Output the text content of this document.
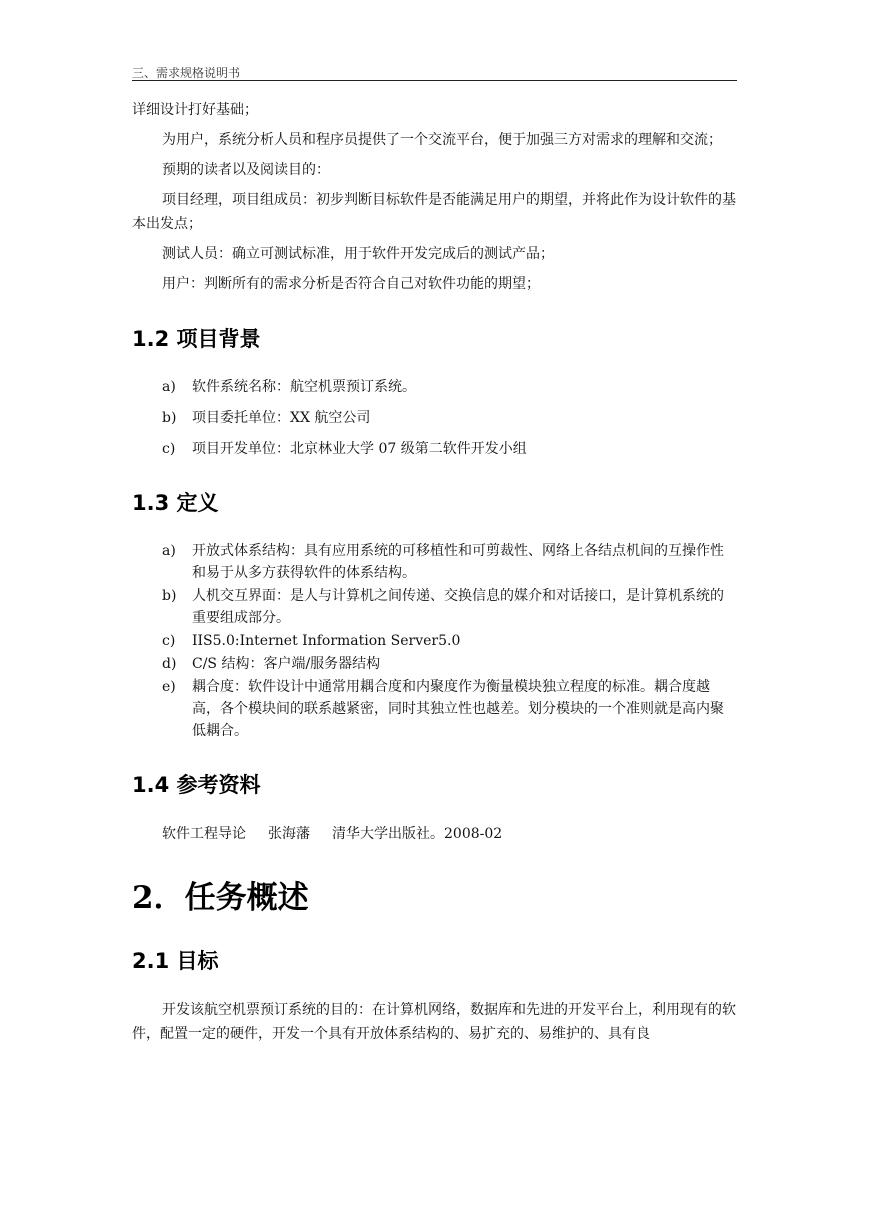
三、需求规格说明书

详细设计打好基础；

为用户，系统分析人员和程序员提供了一个交流平台，便于加强三方对需求的理解和交流；

预期的读者以及阅读目的：

项目经理，项目组成员：初步判断目标软件是否能满足用户的期望，并将此作为设计软件的基本出发点；

测试人员：确立可测试标准，用于软件开发完成后的测试产品；

用户：判断所有的需求分析是否符合自己对软件功能的期望；

1.2 项目背景
a)	软件系统名称：航空机票预订系统。
b)	项目委托单位：XX 航空公司
c)	项目开发单位：北京林业大学 07 级第二软件开发小组
1.3 定义
a)	开放式体系结构：具有应用系统的可移植性和可剪裁性、网络上各结点机间的互操作性和易于从多方获得软件的体系结构。
b)	人机交互界面：是人与计算机之间传递、交换信息的媒介和对话接口，是计算机系统的重要组成部分。
c)	IIS5.0:Internet Information Server5.0
d)	C/S 结构：客户端/服务器结构
e)	耦合度：软件设计中通常用耦合度和内聚度作为衡量模块独立程度的标准。耦合度越高，各个模块间的联系越紧密，同时其独立性也越差。划分模块的一个准则就是高内聚低耦合。
1.4 参考资料

软件工程导论 张海藩 清华大学出版社。2008-02

2．任务概述
2.1 目标

开发该航空机票预订系统的目的：在计算机网络，数据库和先进的开发平台上，利用现有的软件，配置一定的硬件，开发一个具有开放体系结构的、易扩充的、易维护的、具有良
